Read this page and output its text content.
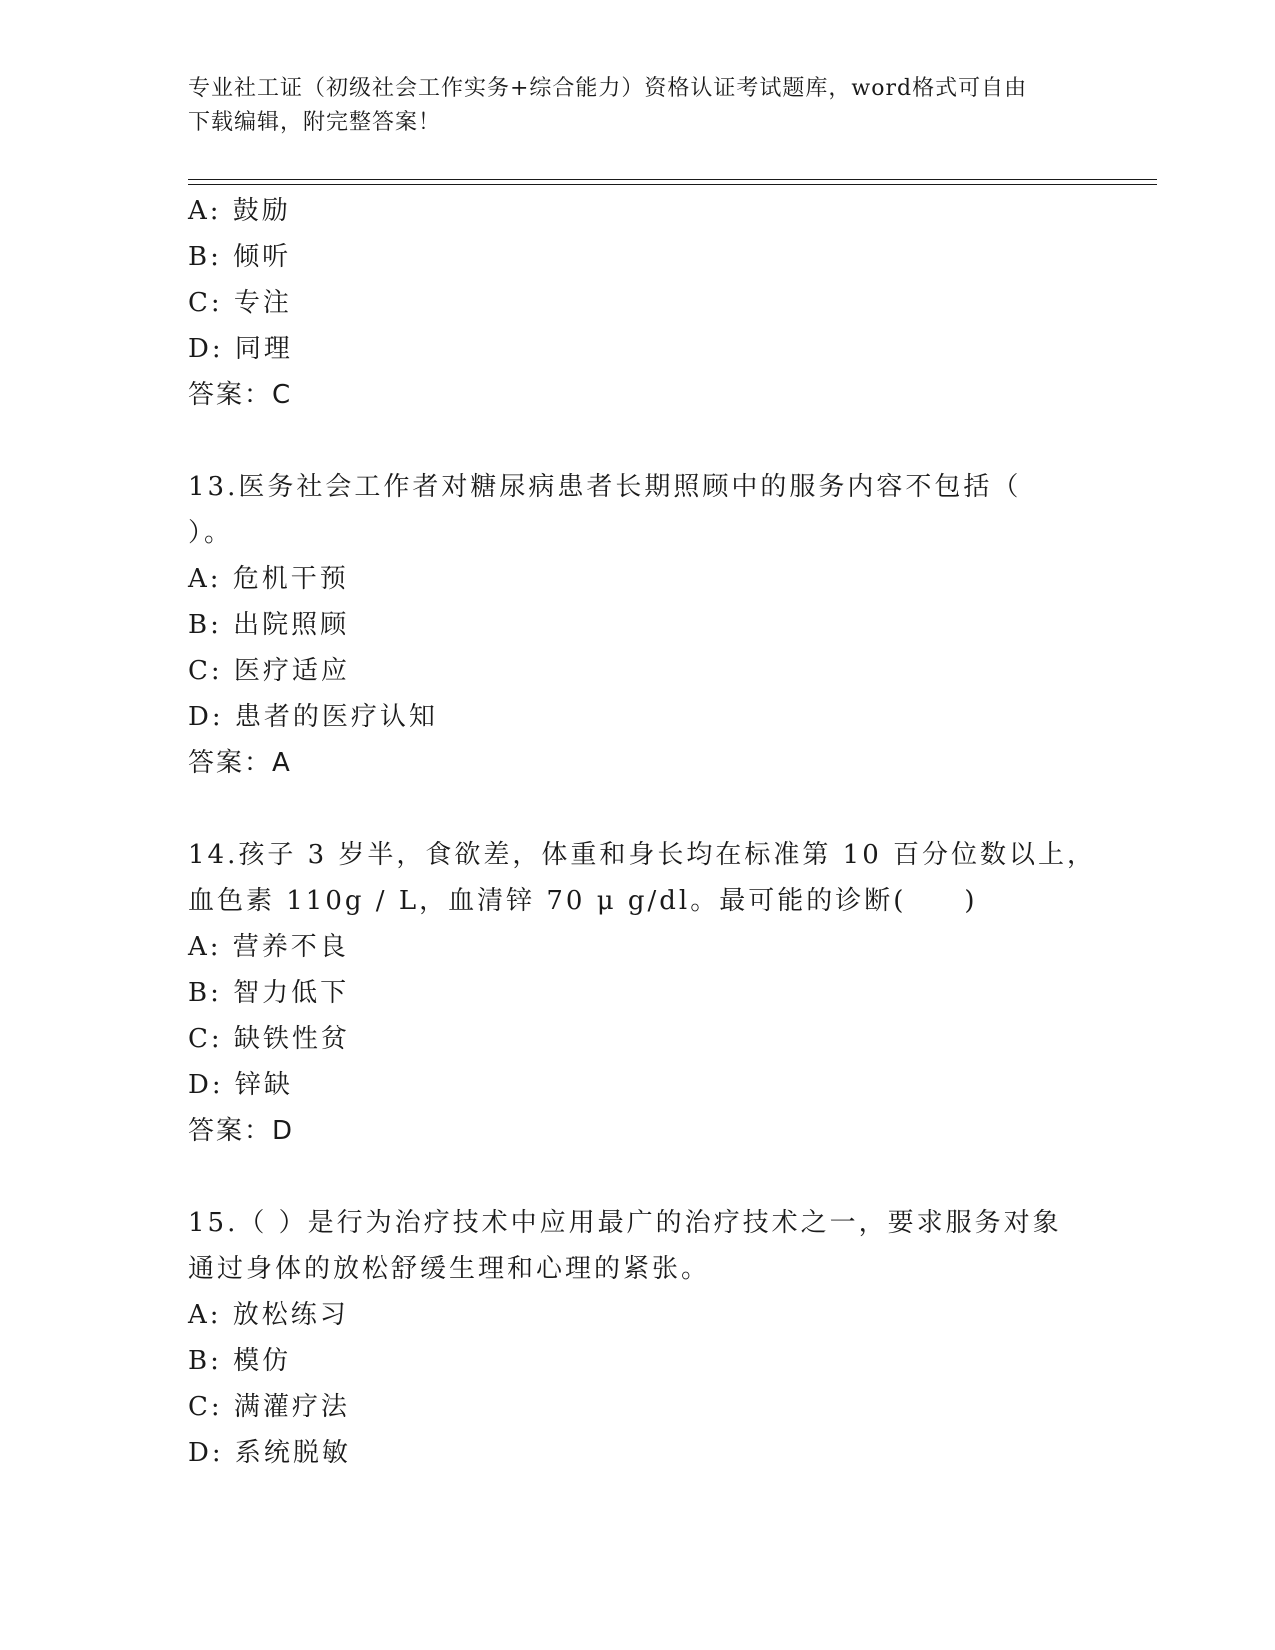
专业社工证（初级社会工作实务+综合能力）资格认证考试题库，word格式可自由
下载编辑，附完整答案！
A: 鼓励
B: 倾听
C: 专注
D: 同理
答案：C
13.医务社会工作者对糖尿病患者长期照顾中的服务内容不包括（
）。
A: 危机干预
B: 出院照顾
C: 医疗适应
D: 患者的医疗认知
答案：A
14.孩子 3 岁半，食欲差，体重和身长均在标准第 10 百分位数以上，
血色素 110g / L，血清锌 70 μ g/dl。最可能的诊断(　　)
A: 营养不良
B: 智力低下
C: 缺铁性贫
D: 锌缺
答案：D
15.（ ）是行为治疗技术中应用最广的治疗技术之一，要求服务对象
通过身体的放松舒缓生理和心理的紧张。
A: 放松练习
B: 模仿
C: 满灌疗法
D: 系统脱敏
